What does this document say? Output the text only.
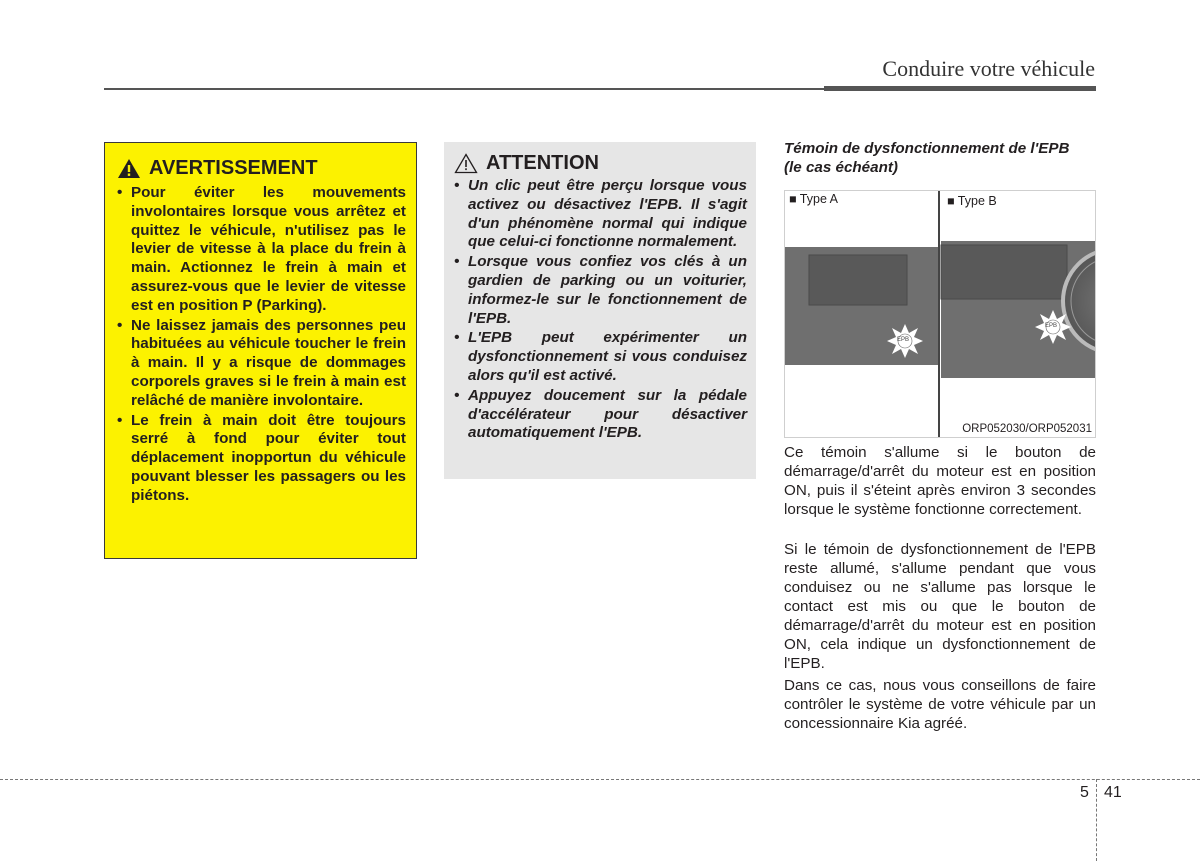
Conduire votre véhicule
AVERTISSEMENT
• Pour éviter les mouvements involontaires lorsque vous arrêtez et quittez le véhicule, n'utilisez pas le levier de vitesse à la place du frein à main. Actionnez le frein à main et assurez-vous que le levier de vitesse est en position P (Parking).
• Ne laissez jamais des personnes peu habituées au véhicule toucher le frein à main. Il y a risque de dommages corporels graves si le frein à main est relâché de manière involontaire.
• Le frein à main doit être toujours serré à fond pour éviter tout déplacement inopportun du véhicule pouvant blesser les passagers ou les piétons.
ATTENTION
• Un clic peut être perçu lorsque vous activez ou désactivez l'EPB. Il s'agit d'un phénomène normal qui indique que celui-ci fonctionne normalement.
• Lorsque vous confiez vos clés à un gardien de parking ou un voiturier, informez-le sur le fonctionnement de l'EPB.
• L'EPB peut expérimenter un dysfonctionnement si vous conduisez alors qu'il est activé.
• Appuyez doucement sur la pédale d'accélérateur pour désactiver automatiquement l'EPB.
Témoin de dysfonctionnement de l'EPB (le cas échéant)
■ Type A	■ Type B
EPB
EPB
ORP052030/ORP052031

Ce témoin s'allume si le bouton de démarrage/d'arrêt du moteur est en position ON, puis il s'éteint après environ 3 secondes lorsque le système fonctionne correctement.

Si le témoin de dysfonctionnement de l'EPB reste allumé, s'allume pendant que vous conduisez ou ne s'allume pas lorsque le contact est mis ou que le bouton de démarrage/d'arrêt du moteur est en position ON, cela indique un dysfonctionnement de l'EPB.

Dans ce cas, nous vous conseillons de faire contrôler le système de votre véhicule par un concessionnaire Kia agréé.

5 41
